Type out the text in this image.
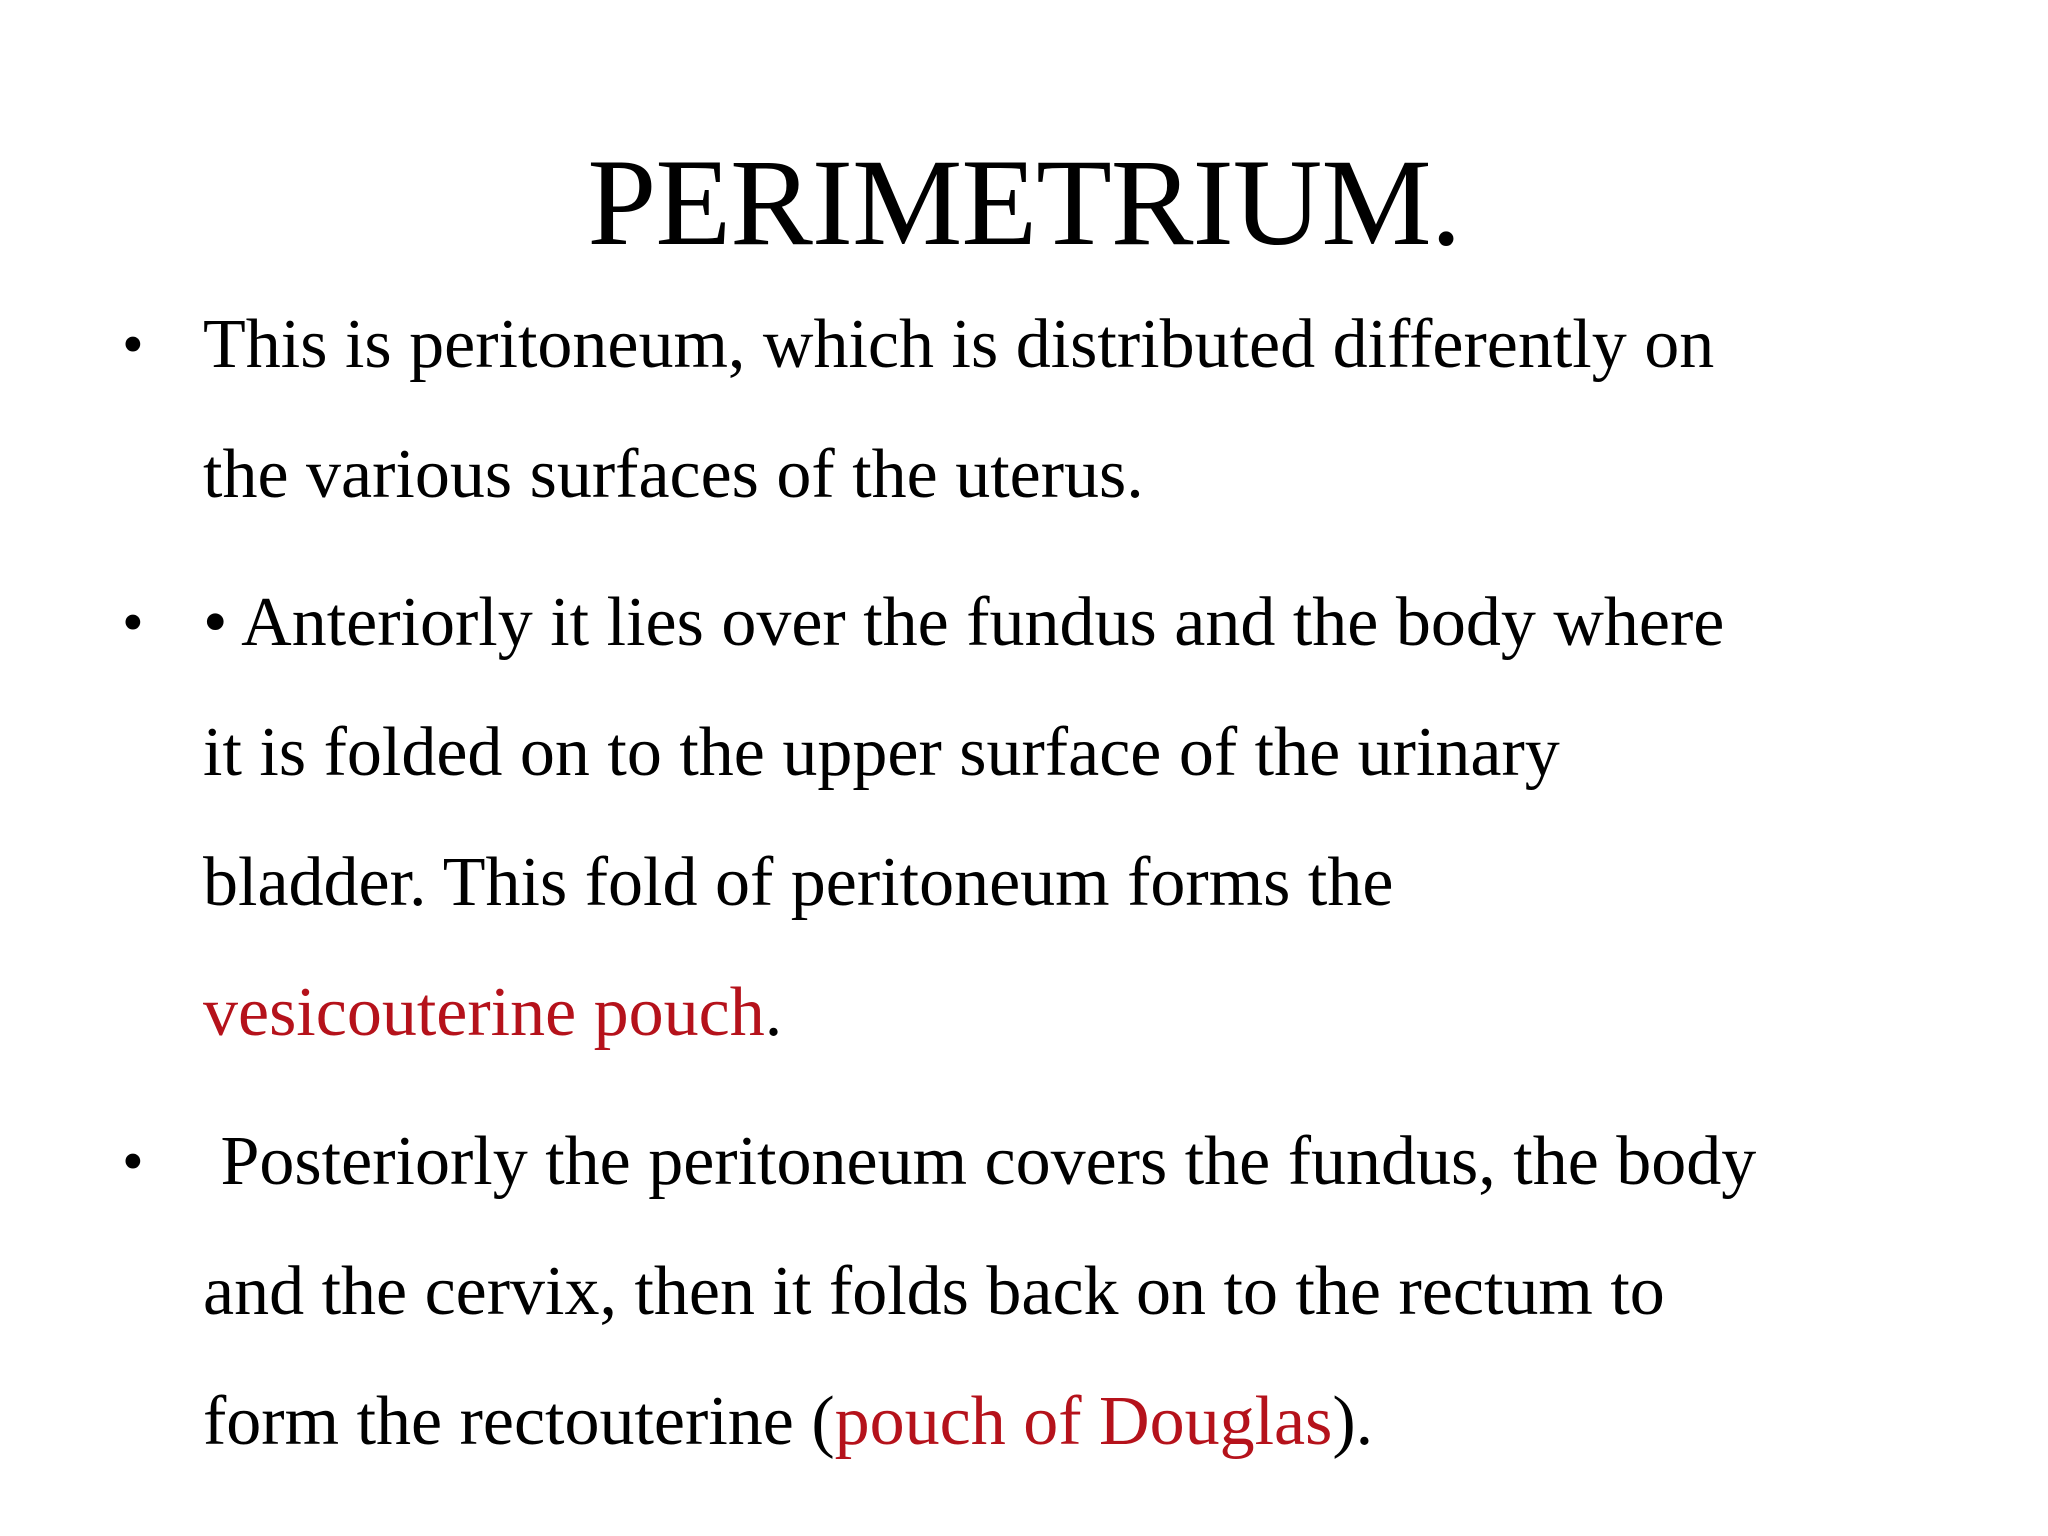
PERIMETRIUM.
• This is peritoneum, which is distributed differently on
the various surfaces of the uterus.

• • Anteriorly it lies over the fundus and the body where
it is folded on to the upper surface of the urinary
bladder. This fold of peritoneum forms the
vesicouterine pouch.

• Posteriorly the peritoneum covers the fundus, the body
and the cervix, then it folds back on to the rectum to
form the rectouterine (pouch of Douglas).
